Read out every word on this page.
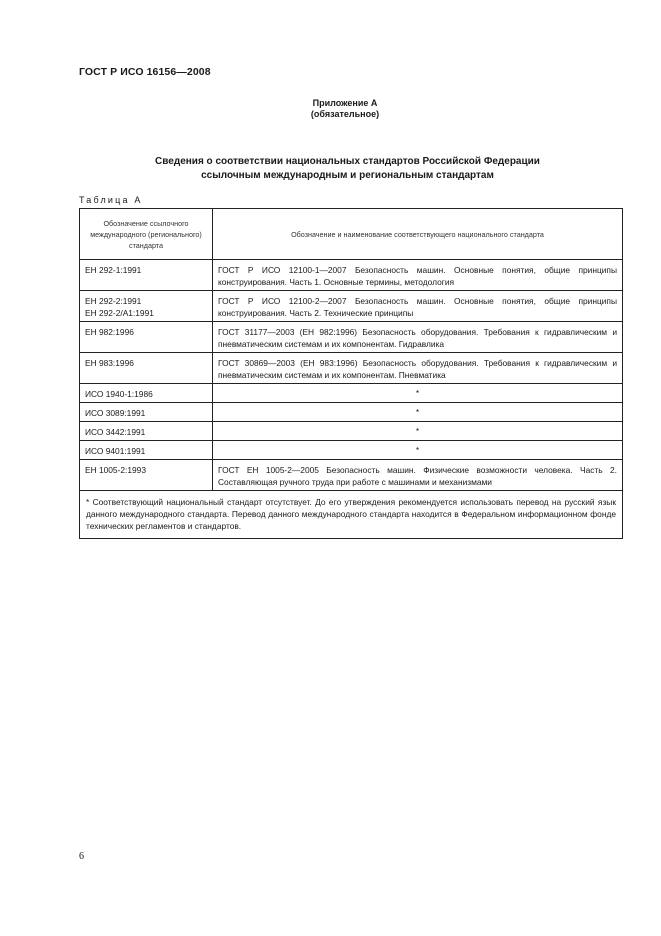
ГОСТ Р ИСО 16156—2008
Приложение А
(обязательное)
Сведения о соответствии национальных стандартов Российской Федерации
ссылочным международным и региональным стандартам
Таблица А
Обозначение ссылочного международного (регионального) стандарта	Обозначение и наименование соответствующего национального стандарта

ЕН 292-1:1991	ГОСТ Р ИСО 12100-1—2007 Безопасность машин. Основные понятия, общие принципы конструирования. Часть 1. Основные термины, методология

ЕН 292-2:1991
ЕН 292-2/A1:1991	ГОСТ Р ИСО 12100-2—2007 Безопасность машин. Основные понятия, общие принципы конструирования. Часть 2. Технические принципы

ЕН 982:1996	ГОСТ 31177—2003 (ЕН 982:1996) Безопасность оборудования. Требования к гидравлическим и пневматическим системам и их компонентам. Гидравлика

ЕН 983:1996	ГОСТ 30869—2003 (ЕН 983:1996) Безопасность оборудования. Требования к гидравлическим и пневматическим системам и их компонентам. Пневматика

ИСО 1940-1:1986	*

ИСО 3089:1991	*

ИСО 3442:1991	*

ИСО 9401:1991	*

ЕН 1005-2:1993	ГОСТ ЕН 1005-2—2005 Безопасность машин. Физические возможности человека. Часть 2. Составляющая ручного труда при работе с машинами и механизмами
* Соответствующий национальный стандарт отсутствует. До его утверждения рекомендуется использовать перевод на русский язык данного международного стандарта. Перевод данного международного стандарта находится в Федеральном информационном фонде технических регламентов и стандартов.	
6
